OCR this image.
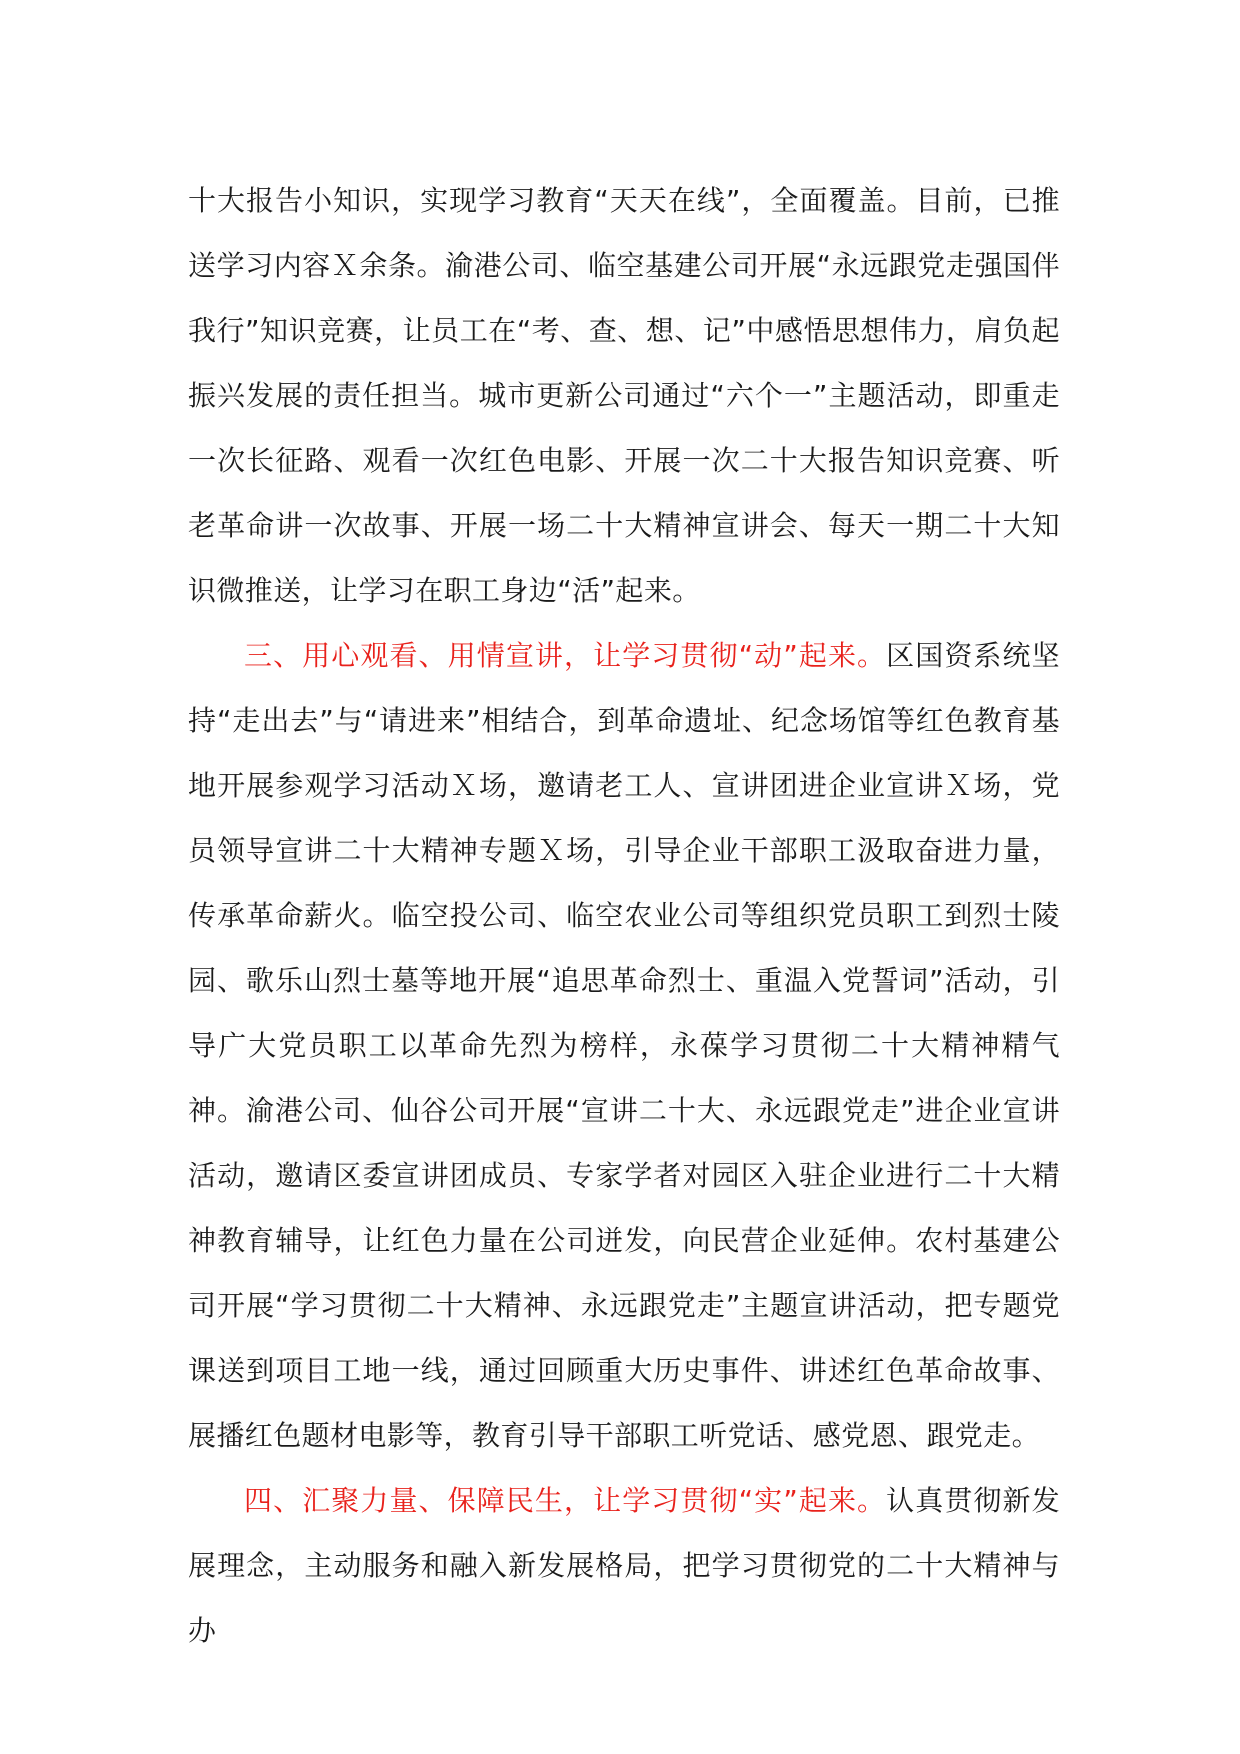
十大报告小知识，实现学习教育“天天在线”，全面覆盖。目前，已推送学习内容Ｘ余条。渝港公司、临空基建公司开展“永远跟党走强国伴我行”知识竞赛，让员工在“考、查、想、记”中感悟思想伟力，肩负起振兴发展的责任担当。城市更新公司通过“六个一”主题活动，即重走一次长征路、观看一次红色电影、开展一次二十大报告知识竞赛、听老革命讲一次故事、开展一场二十大精神宣讲会、每天一期二十大知识微推送，让学习在职工身边“活”起来。

三、用心观看、用情宣讲，让学习贯彻“动”起来。区国资系统坚持“走出去”与“请进来”相结合，到革命遗址、纪念场馆等红色教育基地开展参观学习活动Ｘ场，邀请老工人、宣讲团进企业宣讲Ｘ场，党员领导宣讲二十大精神专题Ｘ场，引导企业干部职工汲取奋进力量，传承革命薪火。临空投公司、临空农业公司等组织党员职工到烈士陵园、歌乐山烈士墓等地开展“追思革命烈士、重温入党誓词”活动，引导广大党员职工以革命先烈为榜样，永葆学习贯彻二十大精神精气神。渝港公司、仙谷公司开展“宣讲二十大、永远跟党走”进企业宣讲活动，邀请区委宣讲团成员、专家学者对园区入驻企业进行二十大精神教育辅导，让红色力量在公司迸发，向民营企业延伸。农村基建公司开展“学习贯彻二十大精神、永远跟党走”主题宣讲活动，把专题党课送到项目工地一线，通过回顾重大历史事件、讲述红色革命故事、展播红色题材电影等，教育引导干部职工听党话、感党恩、跟党走。

四、汇聚力量、保障民生，让学习贯彻“实”起来。认真贯彻新发展理念，主动服务和融入新发展格局，把学习贯彻党的二十大精神与办
